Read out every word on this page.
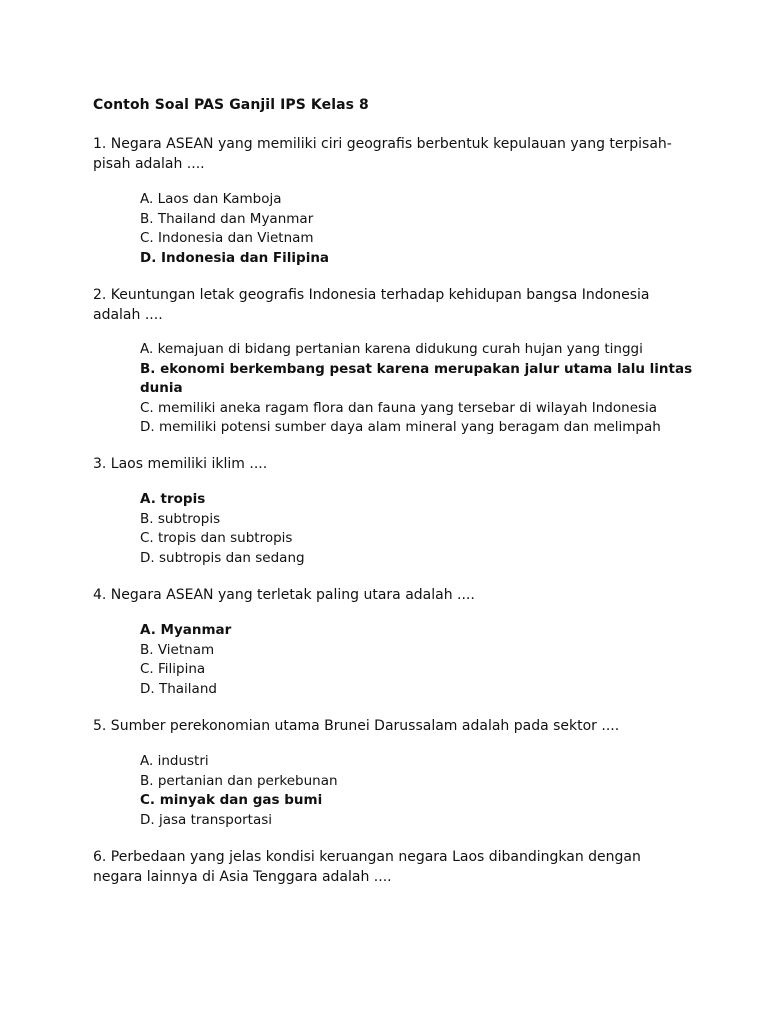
Contoh Soal PAS Ganjil IPS Kelas 8
1. Negara ASEAN yang memiliki ciri geografis berbentuk kepulauan yang terpisah-pisah adalah ....

A. Laos dan Kamboja

B. Thailand dan Myanmar

C. Indonesia dan Vietnam

D. Indonesia dan Filipina

2. Keuntungan letak geografis Indonesia terhadap kehidupan bangsa Indonesia adalah ....

A. kemajuan di bidang pertanian karena didukung curah hujan yang tinggi

B. ekonomi berkembang pesat karena merupakan jalur utama lalu lintas dunia

C. memiliki aneka ragam flora dan fauna yang tersebar di wilayah Indonesia

D. memiliki potensi sumber daya alam mineral yang beragam dan melimpah

3. Laos memiliki iklim ....

A. tropis

B. subtropis

C. tropis dan subtropis

D. subtropis dan sedang

4. Negara ASEAN yang terletak paling utara adalah ....

A. Myanmar

B. Vietnam

C. Filipina

D. Thailand

5. Sumber perekonomian utama Brunei Darussalam adalah pada sektor ....

A. industri

B. pertanian dan perkebunan

C. minyak dan gas bumi

D. jasa transportasi

6. Perbedaan yang jelas kondisi keruangan negara Laos dibandingkan dengan negara lainnya di Asia Tenggara adalah ....
